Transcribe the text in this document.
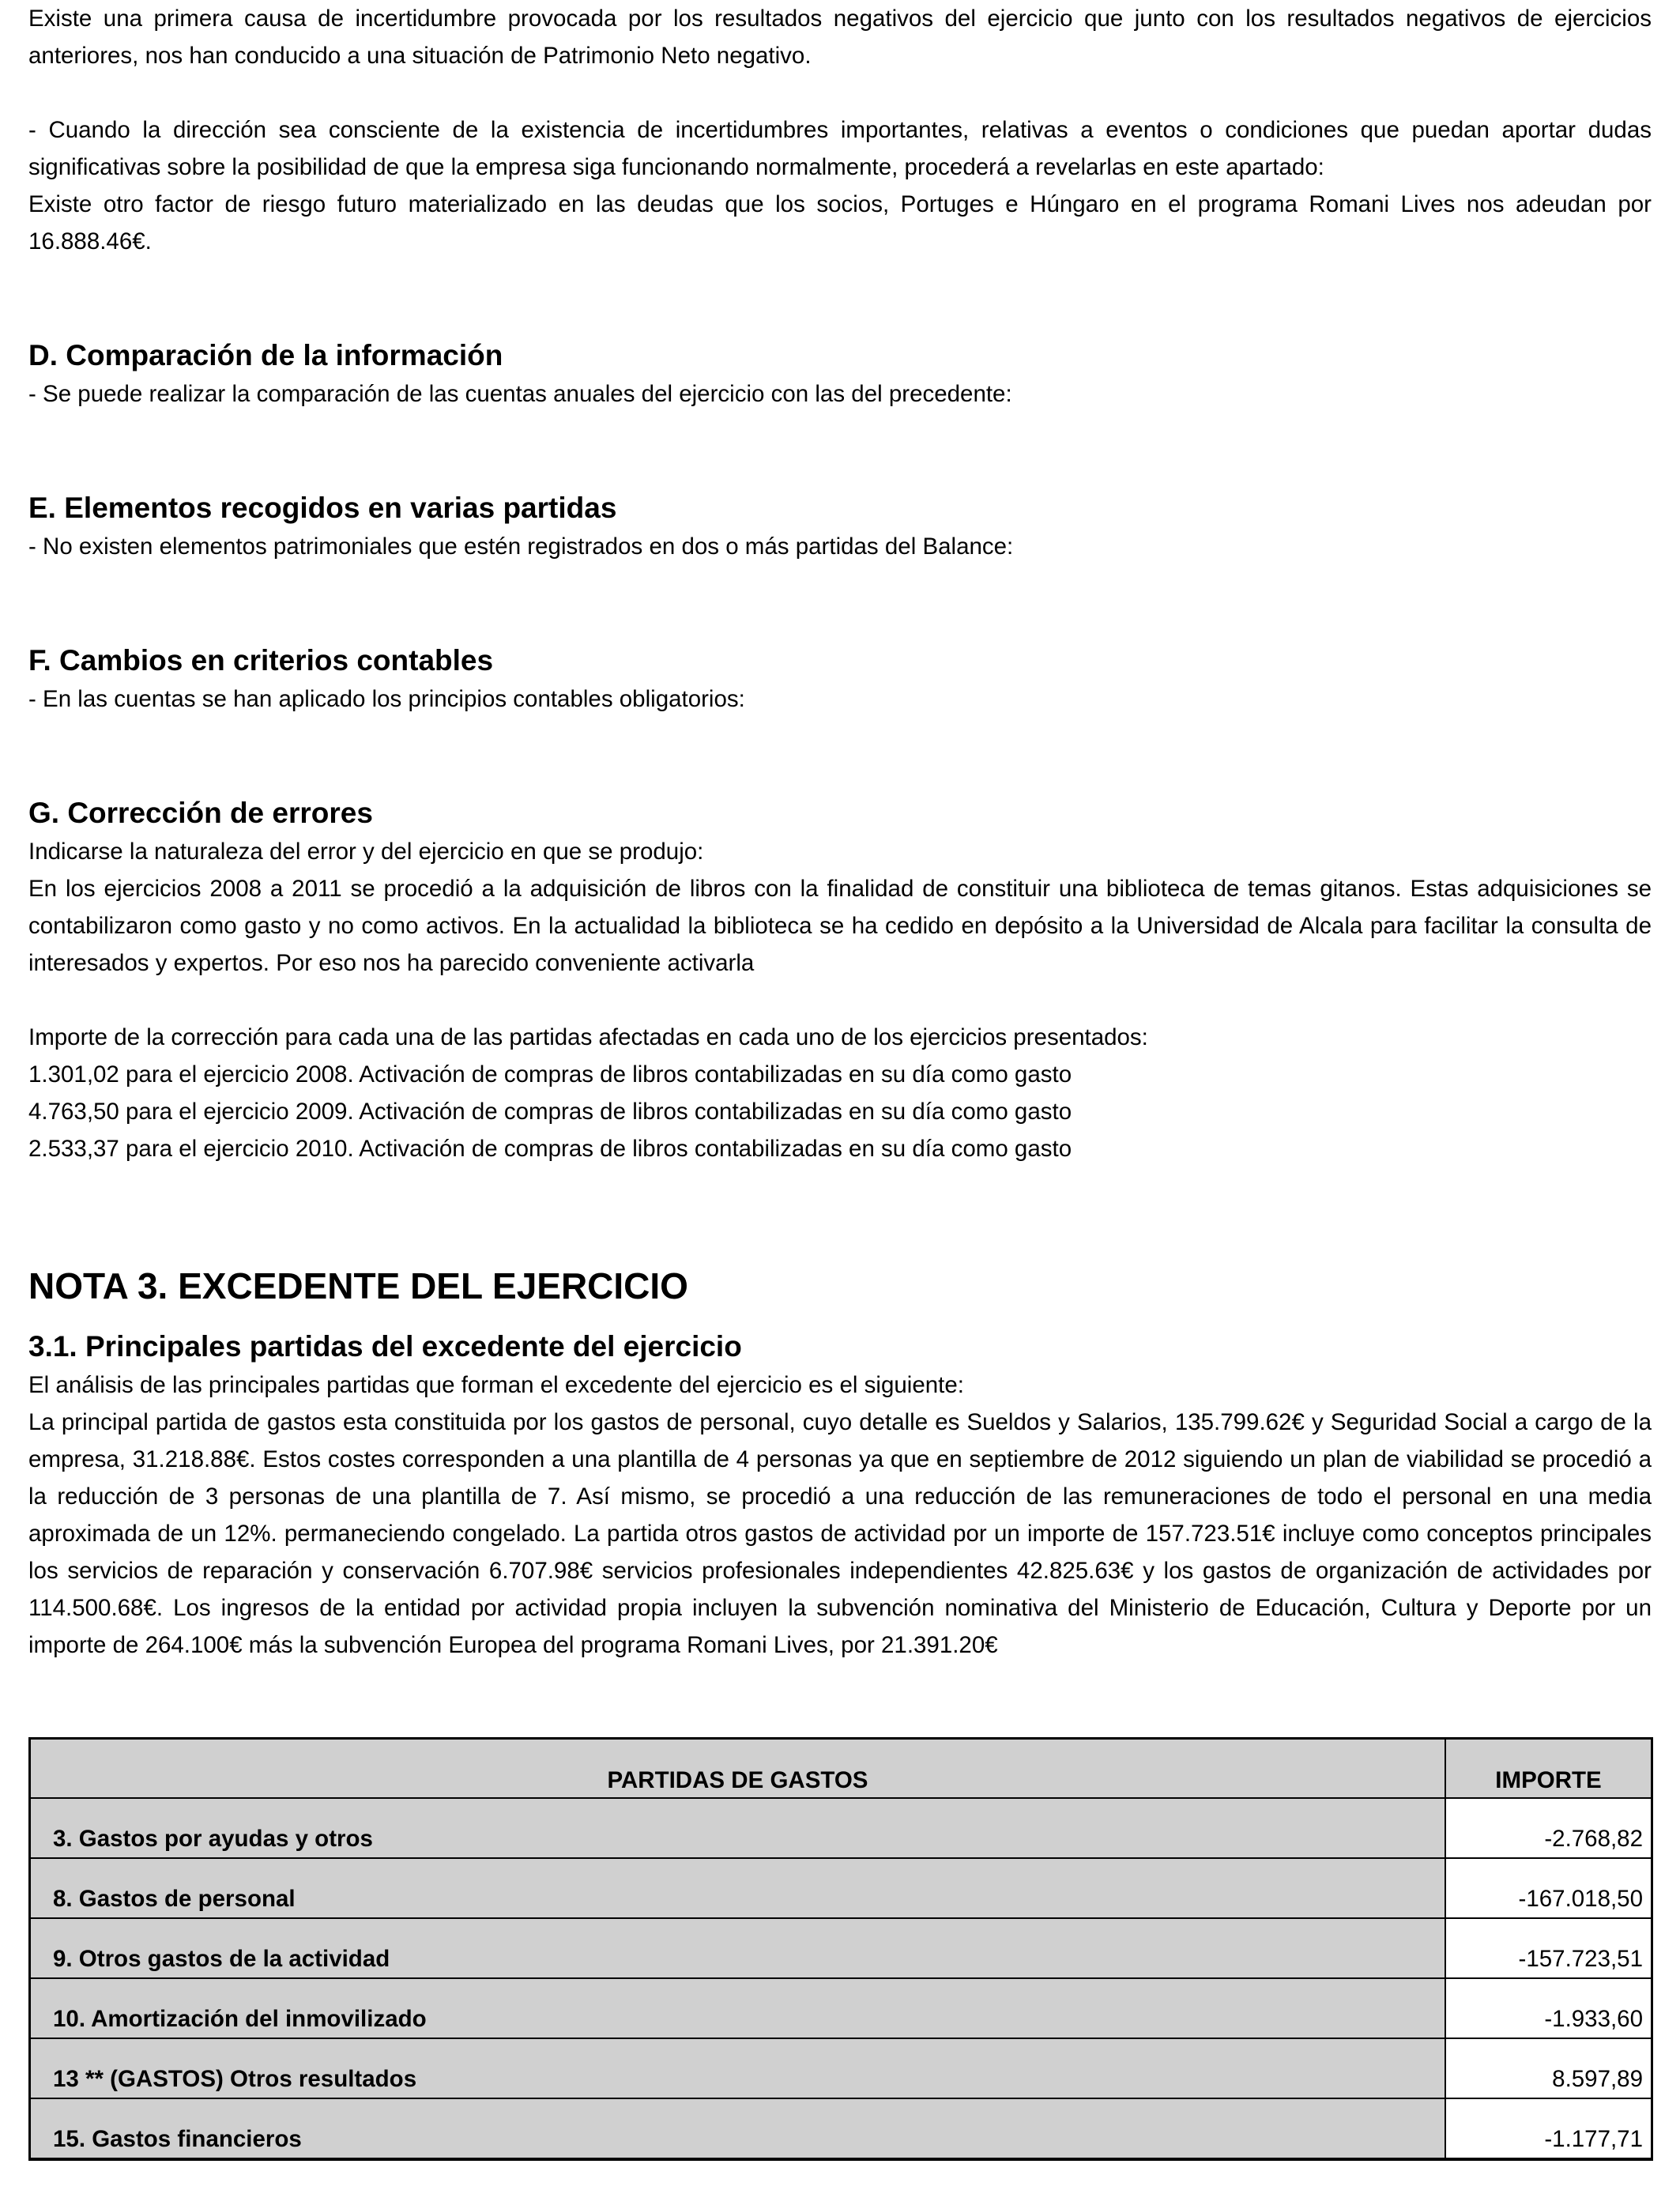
Existe una primera causa de incertidumbre provocada por los resultados negativos del ejercicio que junto con los resultados negativos de ejercicios anteriores, nos han conducido a una situación de Patrimonio Neto negativo.

- Cuando la dirección sea consciente de la existencia de incertidumbres importantes, relativas a eventos o condiciones que puedan aportar dudas significativas sobre la posibilidad de que la empresa siga funcionando normalmente, procederá a revelarlas en este apartado:

Existe otro factor de riesgo futuro materializado en las deudas que los socios, Portuges e Húngaro en el programa Romani Lives nos adeudan por 16.888.46€.

D. Comparación de la información

- Se puede realizar la comparación de las cuentas anuales del ejercicio con las del precedente:

E. Elementos recogidos en varias partidas

- No existen elementos patrimoniales que estén registrados en dos o más partidas del Balance:

F. Cambios en criterios contables

- En las cuentas se han aplicado los principios contables obligatorios:

G. Corrección de errores

Indicarse la naturaleza del error y del ejercicio en que se produjo:

En los ejercicios 2008 a 2011 se procedió a la adquisición de libros con la finalidad de constituir una biblioteca de temas gitanos. Estas adquisiciones se contabilizaron como gasto y no como activos. En la actualidad la biblioteca se ha cedido en depósito a la Universidad de Alcala para facilitar la consulta de interesados y expertos. Por eso nos ha parecido conveniente activarla

Importe de la corrección para cada una de las partidas afectadas en cada uno de los ejercicios presentados:

1.301,02 para el ejercicio 2008. Activación de compras de libros contabilizadas en su día como gasto

4.763,50 para el ejercicio 2009. Activación de compras de libros contabilizadas en su día como gasto

2.533,37 para el ejercicio 2010. Activación de compras de libros contabilizadas en su día como gasto

NOTA 3. EXCEDENTE DEL EJERCICIO
3.1. Principales partidas del excedente del ejercicio

El análisis de las principales partidas que forman el excedente del ejercicio es el siguiente:

La principal partida de gastos esta constituida por los gastos de personal, cuyo detalle es Sueldos y Salarios, 135.799.62€ y Seguridad Social a cargo de la empresa, 31.218.88€. Estos costes corresponden a una plantilla de 4 personas ya que en septiembre de 2012 siguiendo un plan de viabilidad se procedió a la reducción de 3 personas de una plantilla de 7. Así mismo, se procedió a una reducción de las remuneraciones de todo el personal en una media aproximada de un 12%. permaneciendo congelado. La partida otros gastos de actividad por un importe de 157.723.51€ incluye como conceptos principales los servicios de reparación y conservación 6.707.98€ servicios profesionales independientes 42.825.63€ y los gastos de organización de actividades por 114.500.68€. Los ingresos de la entidad por actividad propia incluyen la subvención nominativa del Ministerio de Educación, Cultura y Deporte por un importe de 264.100€ más la subvención Europea del programa Romani Lives, por 21.391.20€

PARTIDAS DE GASTOS	IMPORTE
3. Gastos por ayudas y otros	-2.768,82
8. Gastos de personal	-167.018,50
9. Otros gastos de la actividad	-157.723,51
10. Amortización del inmovilizado	-1.933,60
13 ** (GASTOS) Otros resultados	8.597,89
15. Gastos financieros	-1.177,71
